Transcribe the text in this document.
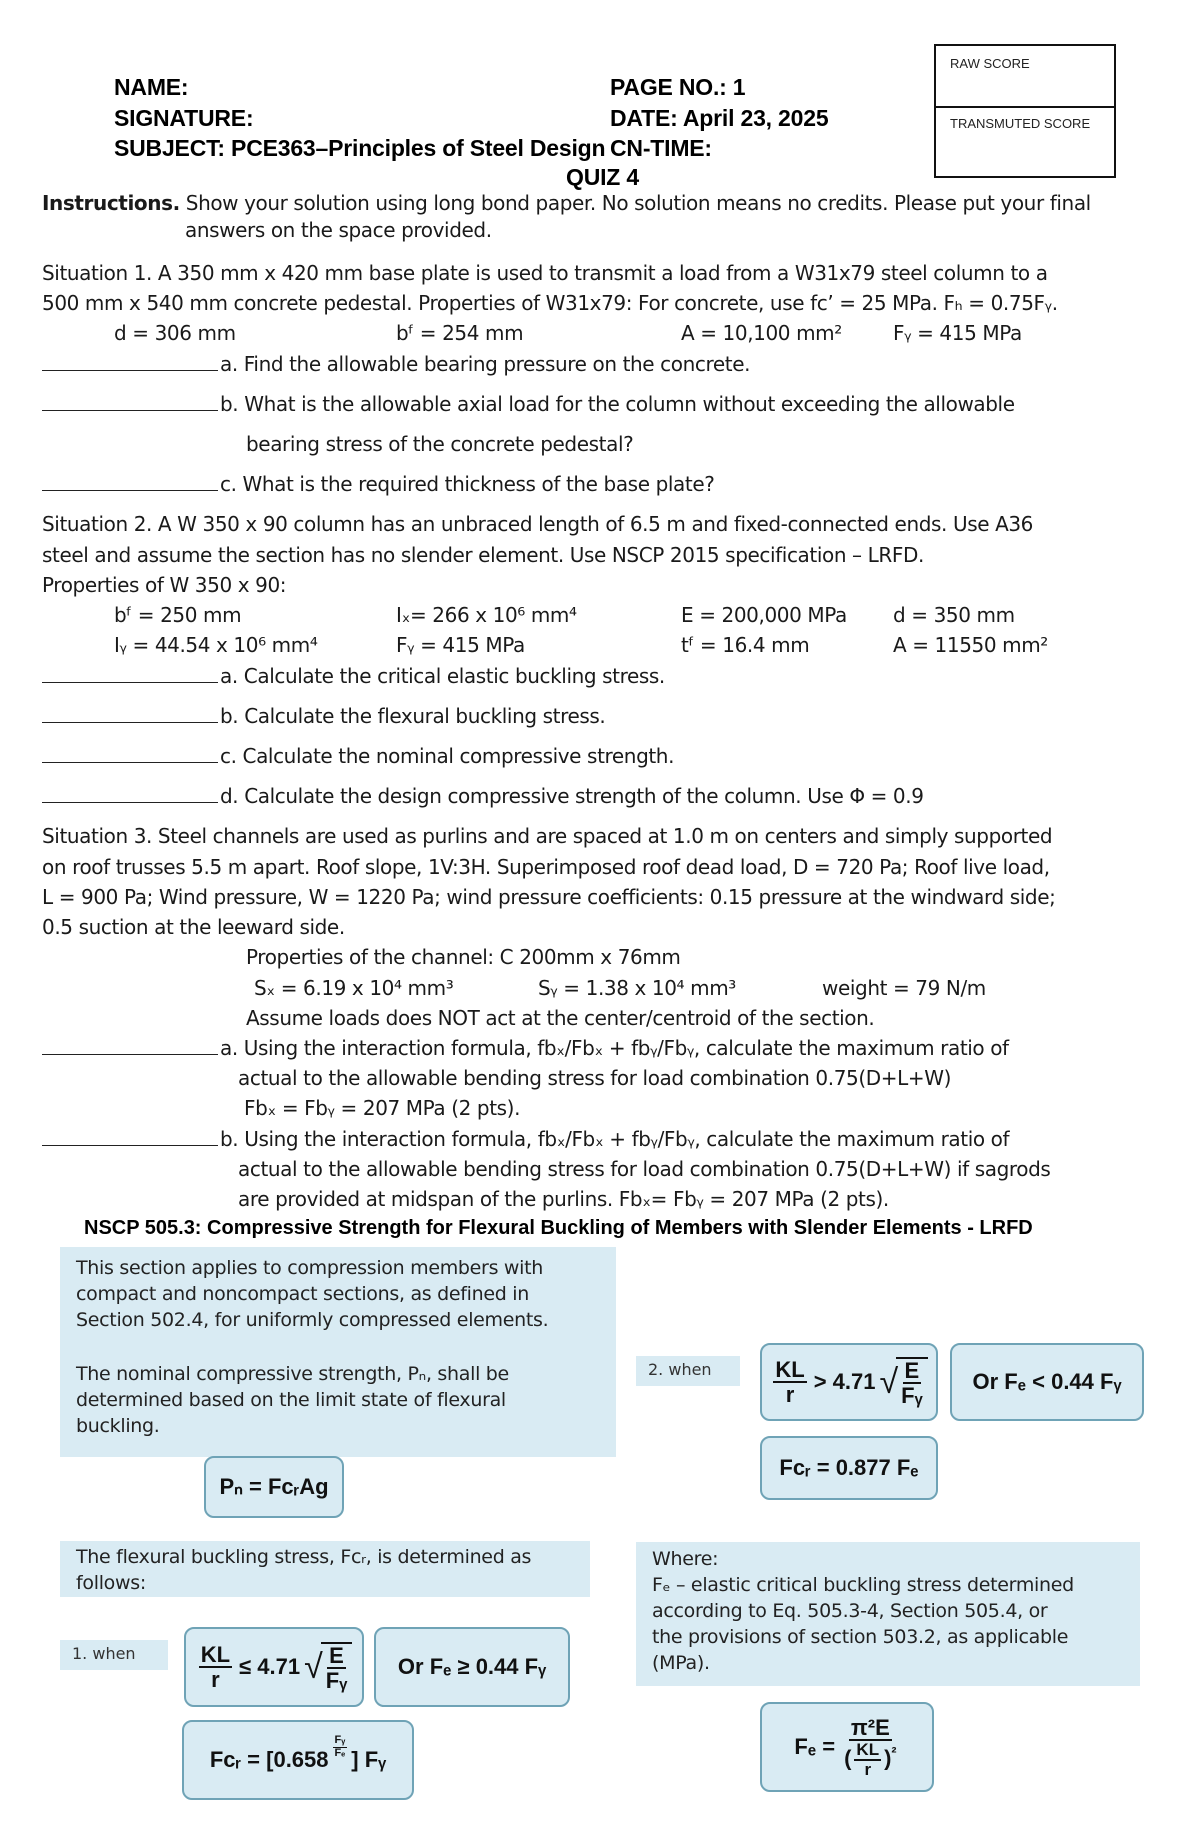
NAME:
SIGNATURE:
SUBJECT: PCE363–Principles of Steel Design
PAGE NO.: 1
DATE: April 23, 2025
CN-TIME:
QUIZ 4
RAW SCORE
TRANSMUTED SCORE
Instructions. Show your solution using long bond paper. No solution means no credits. Please put your final
answers on the space provided.
Situation 1. A 350 mm x 420 mm base plate is used to transmit a load from a W31x79 steel column to a
500 mm x 540 mm concrete pedestal. Properties of W31x79: For concrete, use fc’ = 25 MPa. Fₕ = 0.75Fᵧ.
d = 306 mm	bᶠ = 254 mm	A = 10,100 mm²	Fᵧ = 415 MPa
a. Find the allowable bearing pressure on the concrete.
b. What is the allowable axial load for the column without exceeding the allowable
bearing stress of the concrete pedestal?
c. What is the required thickness of the base plate?
Situation 2. A W 350 x 90 column has an unbraced length of 6.5 m and fixed-connected ends. Use A36
steel and assume the section has no slender element. Use NSCP 2015 specification – LRFD.
Properties of W 350 x 90:
bᶠ = 250 mm	Iₓ= 266 x 10⁶ mm⁴	E = 200,000 MPa d = 350 mm
Iᵧ = 44.54 x 10⁶ mm⁴	Fᵧ = 415 MPa	tᶠ = 16.4 mm	A = 11550 mm²
a. Calculate the critical elastic buckling stress.
b. Calculate the flexural buckling stress.
c. Calculate the nominal compressive strength.
d. Calculate the design compressive strength of the column. Use Φ = 0.9
Situation 3. Steel channels are used as purlins and are spaced at 1.0 m on centers and simply supported
on roof trusses 5.5 m apart. Roof slope, 1V:3H. Superimposed roof dead load, D = 720 Pa; Roof live load,
L = 900 Pa; Wind pressure, W = 1220 Pa; wind pressure coefficients: 0.15 pressure at the windward side;
0.5 suction at the leeward side.
Properties of the channel: C 200mm x 76mm
Sₓ = 6.19 x 10⁴ mm³	Sᵧ = 1.38 x 10⁴ mm³	weight = 79 N/m
Assume loads does NOT act at the center/centroid of the section.
a. Using the interaction formula, fbₓ/Fbₓ + fbᵧ/Fbᵧ, calculate the maximum ratio of
actual to the allowable bending stress for load combination 0.75(D+L+W)
Fbₓ = Fbᵧ = 207 MPa (2 pts).
b. Using the interaction formula, fbₓ/Fbₓ + fbᵧ/Fbᵧ, calculate the maximum ratio of
actual to the allowable bending stress for load combination 0.75(D+L+W) if sagrods
are provided at midspan of the purlins. Fbₓ= Fbᵧ = 207 MPa (2 pts).
NSCP 505.3: Compressive Strength for Flexural Buckling of Members with Slender Elements - LRFD
This section applies to compression members with
compact and noncompact sections, as defined in
Section 502.4, for uniformly compressed elements.
The nominal compressive strength, Pₙ, shall be
determined based on the limit state of flexural
buckling.
Pₙ = FᴄᵣAg
The flexural buckling stress, Fᴄᵣ, is determined as
follows:
1. when	$\frac{KL}{r} \le 4.71$ √ $\frac{E}{\text{Fᵧ}}$	Or Fₑ ≥ 0.44 Fᵧ
Fᴄᵣ = [$0.658 \frac{\text{Fᵧ}}{\text{Fₑ}}$ ] Fᵧ
2. when	$\frac{KL}{r} > 4.71$ √ $\frac{E}{\text{Fᵧ}}$	Or Fₑ < 0.44 Fᵧ
Fᴄᵣ = 0.877 Fₑ
Where:
Fₑ – elastic critical buckling stress determined
according to Eq. 505.3-4, Section 505.4, or
the provisions of section 503.2, as applicable
(MPa).
$F_e = \frac{\text{π²E}}{( \frac{KL}{r} )^{^2}}$
